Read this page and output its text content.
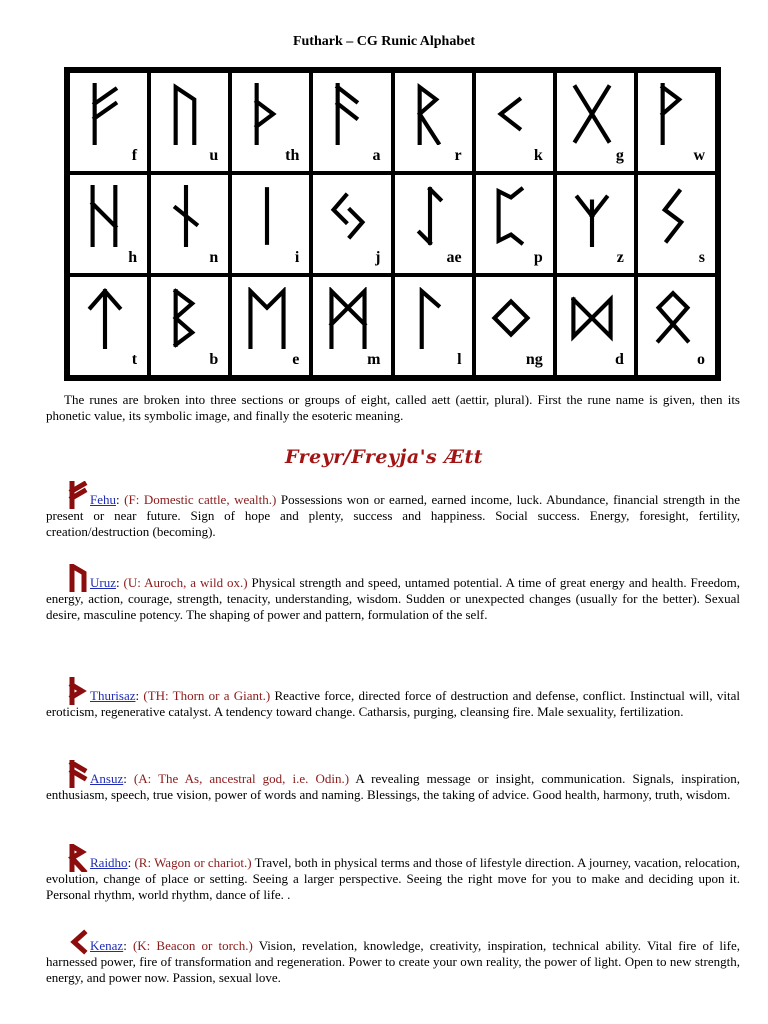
Futhark – CG Runic Alphabet
f	u	th	a	r	k	g	w

h	n	i	j	ae	p	z	s

t	b	e	m	l	ng	d	o

The runes are broken into three sections or groups of eight, called aett (aettir, plural). First the rune name is given, then its phonetic value, its symbolic image, and finally the esoteric meaning.

Freyr/Freyja's Ætt

Fehu: (F: Domestic cattle, wealth.) Possessions won or earned, earned income, luck. Abundance, financial strength in the present or near future. Sign of hope and plenty, success and happiness. Social success. Energy, foresight, fertility, creation/destruction (becoming).

Uruz: (U: Auroch, a wild ox.) Physical strength and speed, untamed potential. A time of great energy and health. Freedom, energy, action, courage, strength, tenacity, understanding, wisdom. Sudden or unexpected changes (usually for the better). Sexual desire, masculine potency. The shaping of power and pattern, formulation of the self.

Thurisaz: (TH: Thorn or a Giant.) Reactive force, directed force of destruction and defense, conflict. Instinctual will, vital eroticism, regenerative catalyst. A tendency toward change. Catharsis, purging, cleansing fire. Male sexuality, fertilization.

Ansuz: (A: The As, ancestral god, i.e. Odin.) A revealing message or insight, communication. Signals, inspiration, enthusiasm, speech, true vision, power of words and naming. Blessings, the taking of advice. Good health, harmony, truth, wisdom.

Raidho: (R: Wagon or chariot.) Travel, both in physical terms and those of lifestyle direction. A journey, vacation, relocation, evolution, change of place or setting. Seeing a larger perspective. Seeing the right move for you to make and deciding upon it. Personal rhythm, world rhythm, dance of life. .

Kenaz: (K: Beacon or torch.) Vision, revelation, knowledge, creativity, inspiration, technical ability. Vital fire of life, harnessed power, fire of transformation and regeneration. Power to create your own reality, the power of light. Open to new strength, energy, and power now. Passion, sexual love.
